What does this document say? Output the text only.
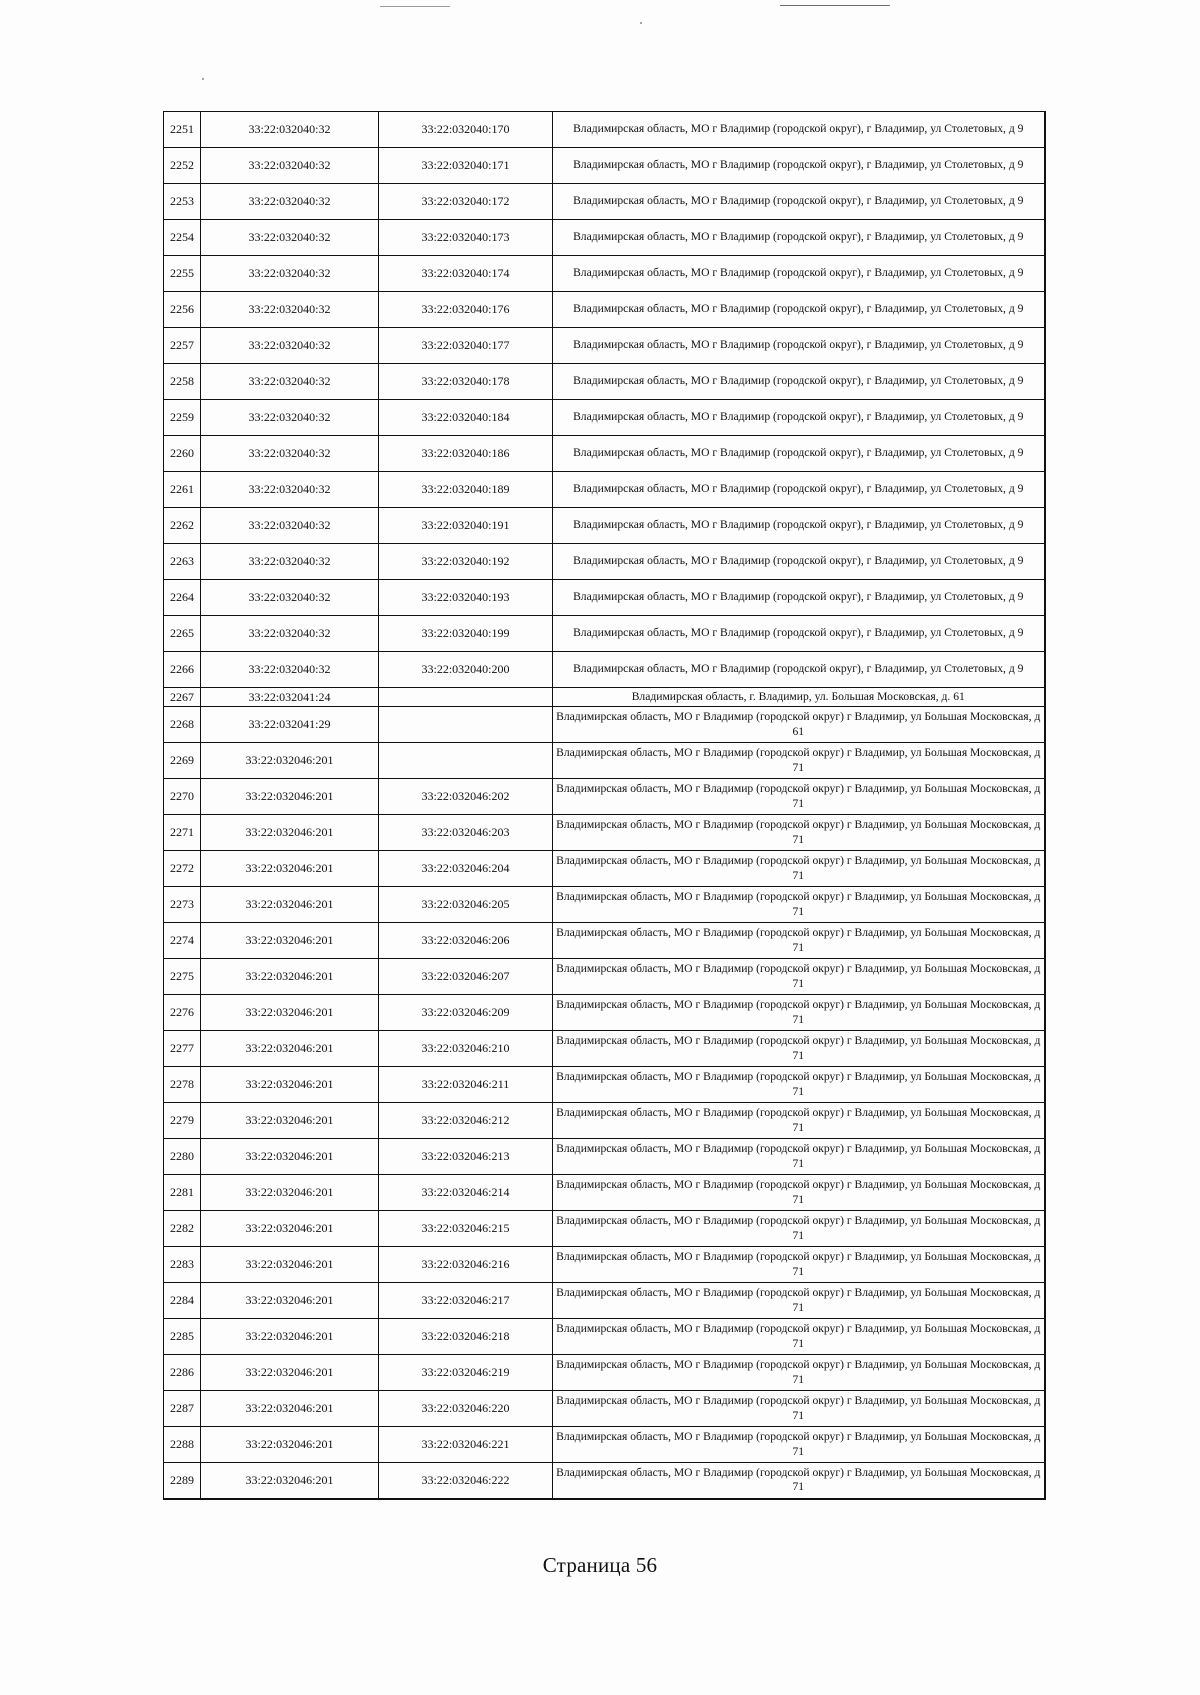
2251	33:22:032040:32	33:22:032040:170	Владимирская область, МО г Владимир (городской округ), г Владимир, ул Столетовых, д 9
2252	33:22:032040:32	33:22:032040:171	Владимирская область, МО г Владимир (городской округ), г Владимир, ул Столетовых, д 9
2253	33:22:032040:32	33:22:032040:172	Владимирская область, МО г Владимир (городской округ), г Владимир, ул Столетовых, д 9
2254	33:22:032040:32	33:22:032040:173	Владимирская область, МО г Владимир (городской округ), г Владимир, ул Столетовых, д 9
2255	33:22:032040:32	33:22:032040:174	Владимирская область, МО г Владимир (городской округ), г Владимир, ул Столетовых, д 9
2256	33:22:032040:32	33:22:032040:176	Владимирская область, МО г Владимир (городской округ), г Владимир, ул Столетовых, д 9
2257	33:22:032040:32	33:22:032040:177	Владимирская область, МО г Владимир (городской округ), г Владимир, ул Столетовых, д 9
2258	33:22:032040:32	33:22:032040:178	Владимирская область, МО г Владимир (городской округ), г Владимир, ул Столетовых, д 9
2259	33:22:032040:32	33:22:032040:184	Владимирская область, МО г Владимир (городской округ), г Владимир, ул Столетовых, д 9
2260	33:22:032040:32	33:22:032040:186	Владимирская область, МО г Владимир (городской округ), г Владимир, ул Столетовых, д 9
2261	33:22:032040:32	33:22:032040:189	Владимирская область, МО г Владимир (городской округ), г Владимир, ул Столетовых, д 9
2262	33:22:032040:32	33:22:032040:191	Владимирская область, МО г Владимир (городской округ), г Владимир, ул Столетовых, д 9
2263	33:22:032040:32	33:22:032040:192	Владимирская область, МО г Владимир (городской округ), г Владимир, ул Столетовых, д 9
2264	33:22:032040:32	33:22:032040:193	Владимирская область, МО г Владимир (городской округ), г Владимир, ул Столетовых, д 9
2265	33:22:032040:32	33:22:032040:199	Владимирская область, МО г Владимир (городской округ), г Владимир, ул Столетовых, д 9
2266	33:22:032040:32	33:22:032040:200	Владимирская область, МО г Владимир (городской округ), г Владимир, ул Столетовых, д 9
2267	33:22:032041:24		Владимирская область, г. Владимир, ул. Большая Московская, д. 61
2268	33:22:032041:29		Владимирская область, МО г Владимир (городской округ) г Владимир, ул Большая Московская, д 61
2269	33:22:032046:201		Владимирская область, МО г Владимир (городской округ) г Владимир, ул Большая Московская, д 71
2270	33:22:032046:201	33:22:032046:202	Владимирская область, МО г Владимир (городской округ) г Владимир, ул Большая Московская, д 71
2271	33:22:032046:201	33:22:032046:203	Владимирская область, МО г Владимир (городской округ) г Владимир, ул Большая Московская, д 71
2272	33:22:032046:201	33:22:032046:204	Владимирская область, МО г Владимир (городской округ) г Владимир, ул Большая Московская, д 71
2273	33:22:032046:201	33:22:032046:205	Владимирская область, МО г Владимир (городской округ) г Владимир, ул Большая Московская, д 71
2274	33:22:032046:201	33:22:032046:206	Владимирская область, МО г Владимир (городской округ) г Владимир, ул Большая Московская, д 71
2275	33:22:032046:201	33:22:032046:207	Владимирская область, МО г Владимир (городской округ) г Владимир, ул Большая Московская, д 71
2276	33:22:032046:201	33:22:032046:209	Владимирская область, МО г Владимир (городской округ) г Владимир, ул Большая Московская, д 71
2277	33:22:032046:201	33:22:032046:210	Владимирская область, МО г Владимир (городской округ) г Владимир, ул Большая Московская, д 71
2278	33:22:032046:201	33:22:032046:211	Владимирская область, МО г Владимир (городской округ) г Владимир, ул Большая Московская, д 71
2279	33:22:032046:201	33:22:032046:212	Владимирская область, МО г Владимир (городской округ) г Владимир, ул Большая Московская, д 71
2280	33:22:032046:201	33:22:032046:213	Владимирская область, МО г Владимир (городской округ) г Владимир, ул Большая Московская, д 71
2281	33:22:032046:201	33:22:032046:214	Владимирская область, МО г Владимир (городской округ) г Владимир, ул Большая Московская, д 71
2282	33:22:032046:201	33:22:032046:215	Владимирская область, МО г Владимир (городской округ) г Владимир, ул Большая Московская, д 71
2283	33:22:032046:201	33:22:032046:216	Владимирская область, МО г Владимир (городской округ) г Владимир, ул Большая Московская, д 71
2284	33:22:032046:201	33:22:032046:217	Владимирская область, МО г Владимир (городской округ) г Владимир, ул Большая Московская, д 71
2285	33:22:032046:201	33:22:032046:218	Владимирская область, МО г Владимир (городской округ) г Владимир, ул Большая Московская, д 71
2286	33:22:032046:201	33:22:032046:219	Владимирская область, МО г Владимир (городской округ) г Владимир, ул Большая Московская, д 71
2287	33:22:032046:201	33:22:032046:220	Владимирская область, МО г Владимир (городской округ) г Владимир, ул Большая Московская, д 71
2288	33:22:032046:201	33:22:032046:221	Владимирская область, МО г Владимир (городской округ) г Владимир, ул Большая Московская, д 71
2289	33:22:032046:201	33:22:032046:222	Владимирская область, МО г Владимир (городской округ) г Владимир, ул Большая Московская, д 71
Страница 56
